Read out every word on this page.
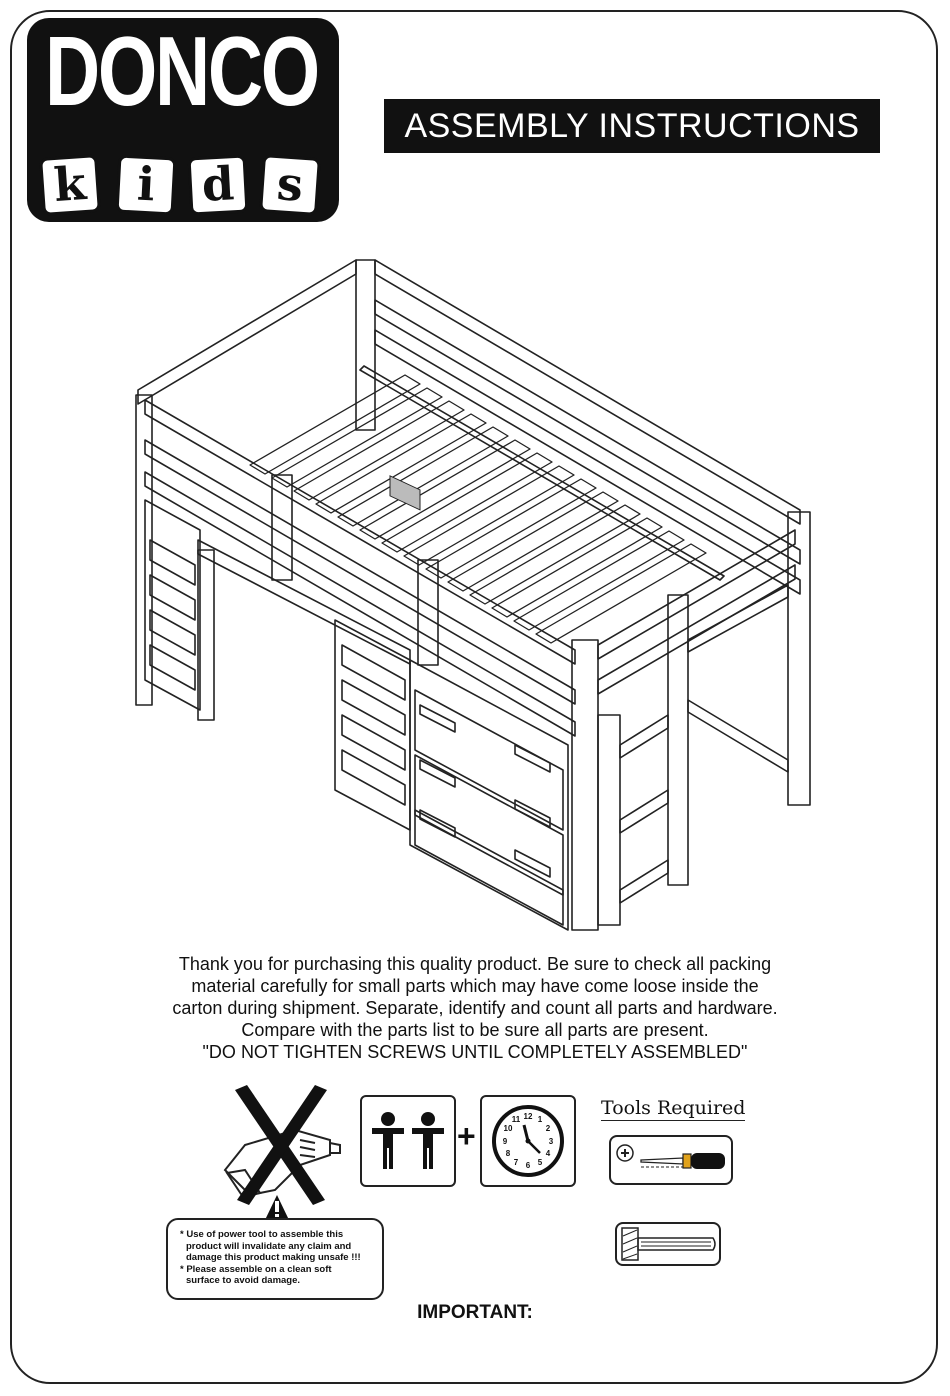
DONCO
k	i d s
ASSEMBLY INSTRUCTIONS

Thank you for purchasing this quality product. Be sure to check all packing

material carefully for small parts which may have come loose inside the

carton during shipment. Separate, identify and count all parts and hardware.

Compare with the parts list to be sure all parts are present.

"DO NOT TIGHTEN SCREWS UNTIL COMPLETELY ASSEMBLED"

* Use of power tool to assemble this
product will invalidate any claim and
damage this product making unsafe !!!
* Please assemble on a clean soft
surface to avoid damage.
+
12 1
2
3
4
5
6
7
8
9
10
11
Tools Required
IMPORTANT:
